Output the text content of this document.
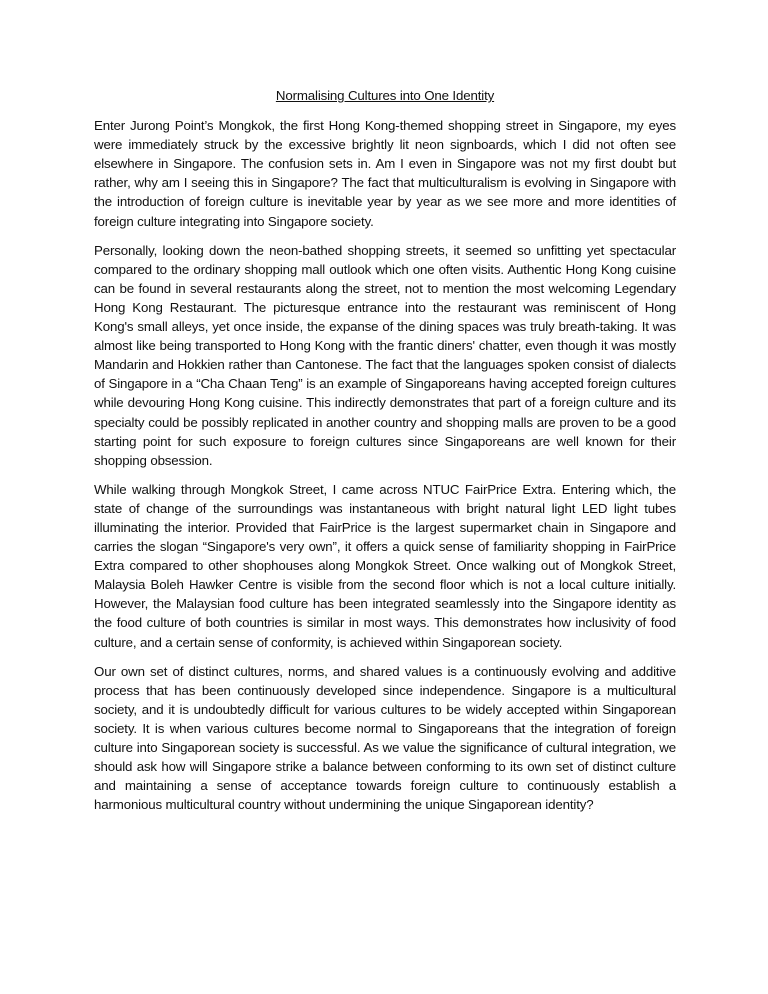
Normalising Cultures into One Identity

Enter Jurong Point’s Mongkok, the first Hong Kong-themed shopping street in Singapore, my eyes were immediately struck by the excessive brightly lit neon signboards, which I did not often see elsewhere in Singapore. The confusion sets in. Am I even in Singapore was not my first doubt but rather, why am I seeing this in Singapore? The fact that multiculturalism is evolving in Singapore with the introduction of foreign culture is inevitable year by year as we see more and more identities of foreign culture integrating into Singapore society.

Personally, looking down the neon-bathed shopping streets, it seemed so unfitting yet spectacular compared to the ordinary shopping mall outlook which one often visits. Authentic Hong Kong cuisine can be found in several restaurants along the street, not to mention the most welcoming Legendary Hong Kong Restaurant. The picturesque entrance into the restaurant was reminiscent of Hong Kong's small alleys, yet once inside, the expanse of the dining spaces was truly breath-taking. It was almost like being transported to Hong Kong with the frantic diners' chatter, even though it was mostly Mandarin and Hokkien rather than Cantonese. The fact that the languages spoken consist of dialects of Singapore in a “Cha Chaan Teng” is an example of Singaporeans having accepted foreign cultures while devouring Hong Kong cuisine. This indirectly demonstrates that part of a foreign culture and its specialty could be possibly replicated in another country and shopping malls are proven to be a good starting point for such exposure to foreign cultures since Singaporeans are well known for their shopping obsession.

While walking through Mongkok Street, I came across NTUC FairPrice Extra. Entering which, the state of change of the surroundings was instantaneous with bright natural light LED light tubes illuminating the interior. Provided that FairPrice is the largest supermarket chain in Singapore and carries the slogan “Singapore's very own”, it offers a quick sense of familiarity shopping in FairPrice Extra compared to other shophouses along Mongkok Street. Once walking out of Mongkok Street, Malaysia Boleh Hawker Centre is visible from the second floor which is not a local culture initially. However, the Malaysian food culture has been integrated seamlessly into the Singapore identity as the food culture of both countries is similar in most ways. This demonstrates how inclusivity of food culture, and a certain sense of conformity, is achieved within Singaporean society.

Our own set of distinct cultures, norms, and shared values is a continuously evolving and additive process that has been continuously developed since independence. Singapore is a multicultural society, and it is undoubtedly difficult for various cultures to be widely accepted within Singaporean society. It is when various cultures become normal to Singaporeans that the integration of foreign culture into Singaporean society is successful. As we value the significance of cultural integration, we should ask how will Singapore strike a balance between conforming to its own set of distinct culture and maintaining a sense of acceptance towards foreign culture to continuously establish a harmonious multicultural country without undermining the unique Singaporean identity?
